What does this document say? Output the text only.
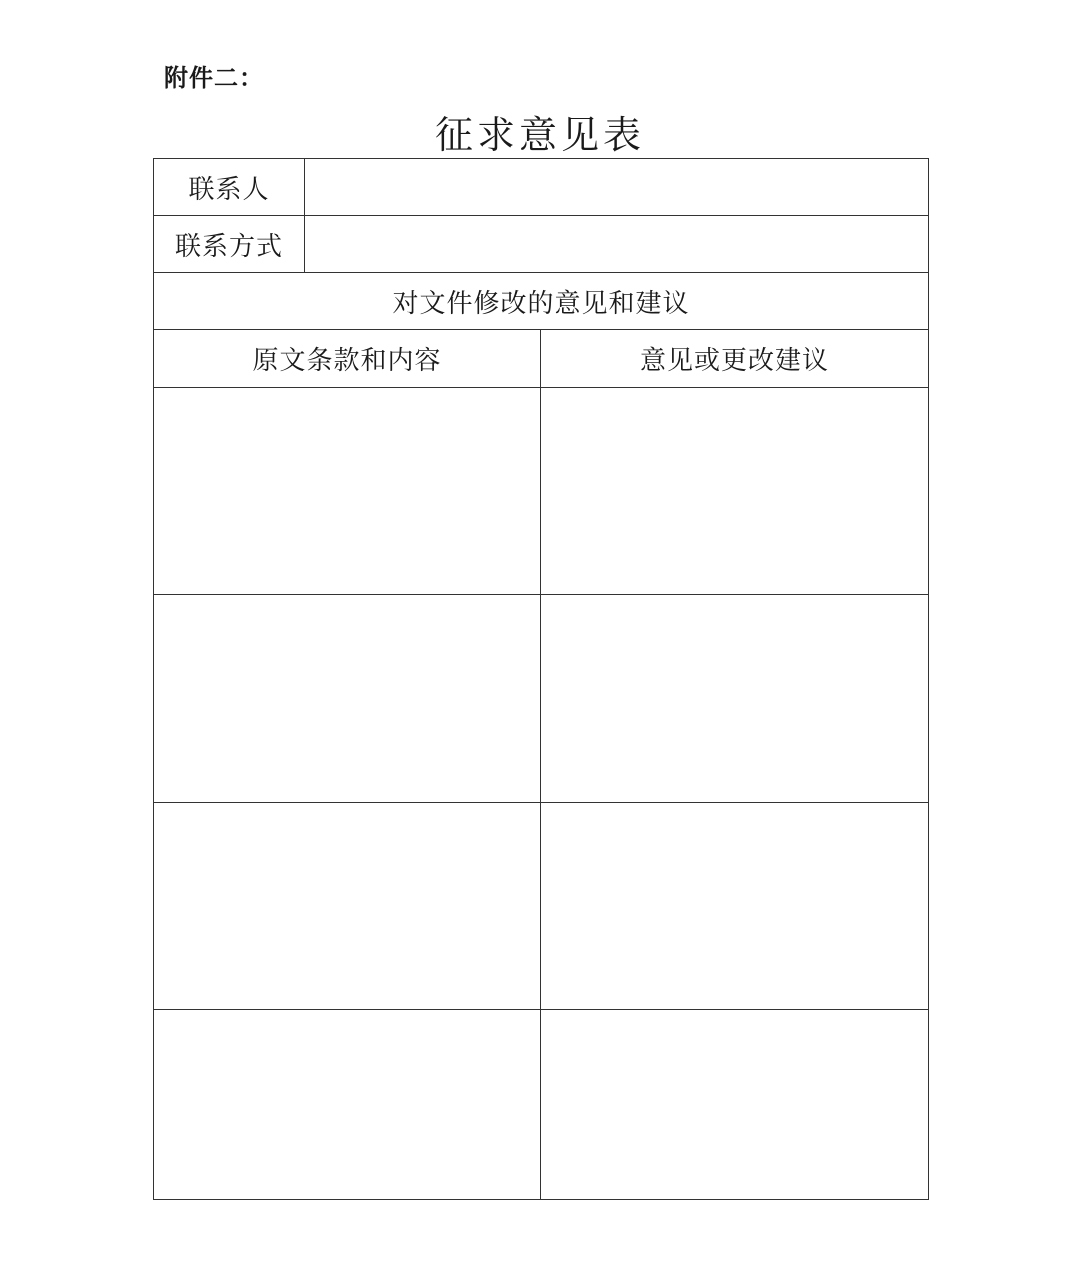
附件二：
征求意见表
联系人		
联系方式		
对文件修改的意见和建议		
原文条款和内容		意见或更改建议
